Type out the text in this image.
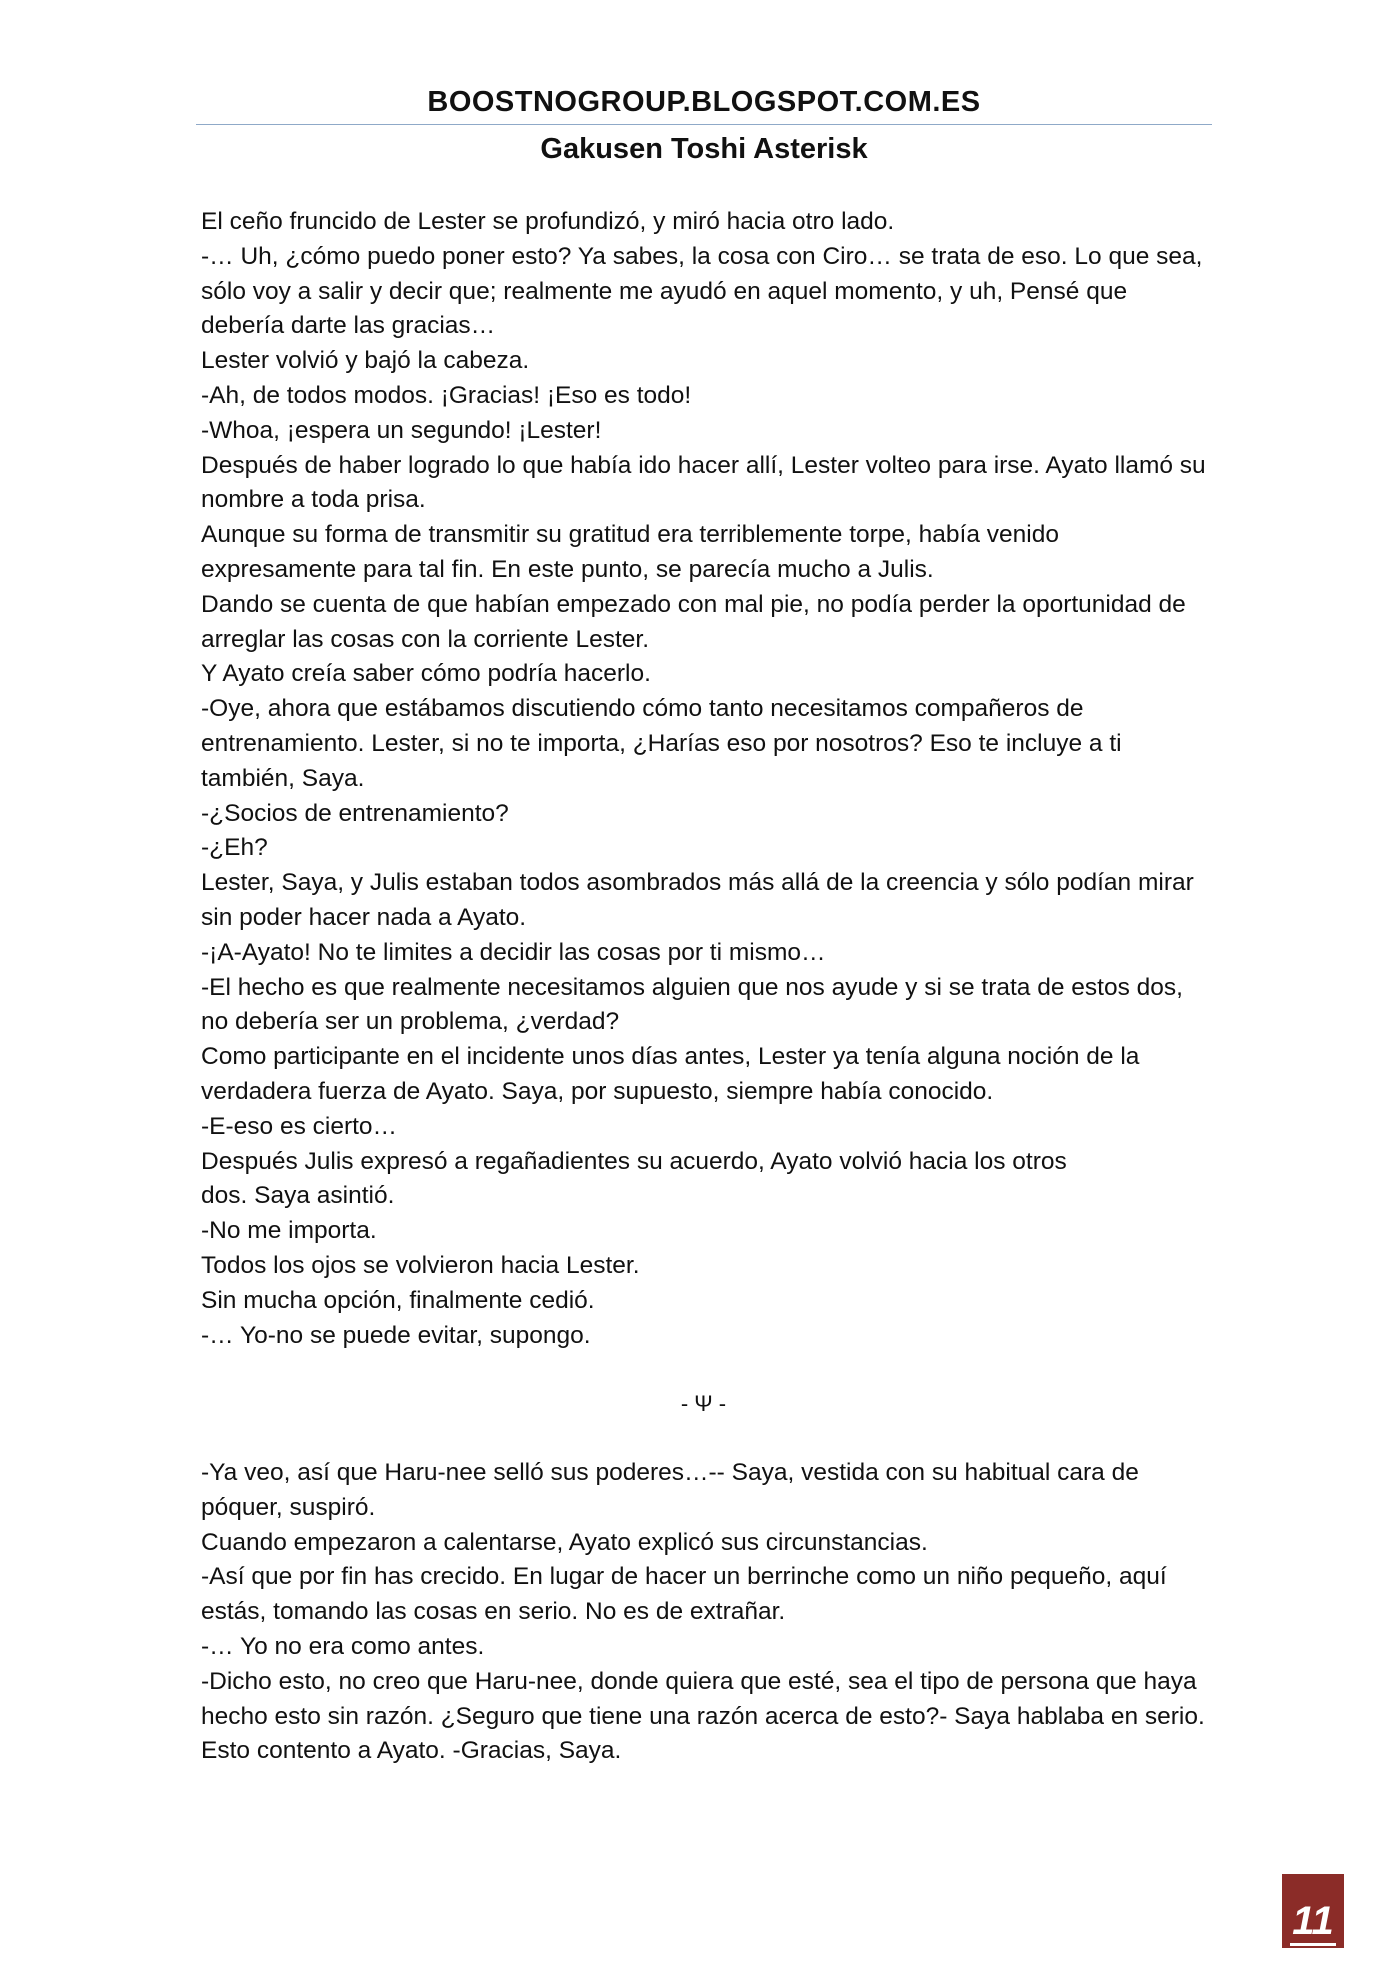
BOOSTNOGROUP.BLOGSPOT.COM.ES
Gakusen Toshi Asterisk

El ceño fruncido de Lester se profundizó, y miró hacia otro lado.

-… Uh, ¿cómo puedo poner esto? Ya sabes, la cosa con Ciro… se trata de eso. Lo que sea, sólo voy a salir y decir que; realmente me ayudó en aquel momento, y uh, Pensé que debería darte las gracias…

Lester volvió y bajó la cabeza.

-Ah, de todos modos. ¡Gracias! ¡Eso es todo!

-Whoa, ¡espera un segundo! ¡Lester!

Después de haber logrado lo que había ido hacer allí, Lester volteo para irse. Ayato llamó su nombre a toda prisa.

Aunque su forma de transmitir su gratitud era terriblemente torpe, había venido expresamente para tal fin. En este punto, se parecía mucho a Julis.

Dando se cuenta de que habían empezado con mal pie, no podía perder la oportunidad de arreglar las cosas con la corriente Lester.

Y Ayato creía saber cómo podría hacerlo.

-Oye, ahora que estábamos discutiendo cómo tanto necesitamos compañeros de entrenamiento. Lester, si no te importa, ¿Harías eso por nosotros? Eso te incluye a ti también, Saya.

-¿Socios de entrenamiento?

-¿Eh?

Lester, Saya, y Julis estaban todos asombrados más allá de la creencia y sólo podían mirar sin poder hacer nada a Ayato.

-¡A-Ayato! No te limites a decidir las cosas por ti mismo…

-El hecho es que realmente necesitamos alguien que nos ayude y si se trata de estos dos, no debería ser un problema, ¿verdad?

Como participante en el incidente unos días antes, Lester ya tenía alguna noción de la verdadera fuerza de Ayato. Saya, por supuesto, siempre había conocido.

-E-eso es cierto…

Después Julis expresó a regañadientes su acuerdo, Ayato volvió hacia los otros

dos. Saya asintió.

-No me importa.

Todos los ojos se volvieron hacia Lester.

Sin mucha opción, finalmente cedió.

-… Yo-no se puede evitar, supongo.

- Ψ -

-Ya veo, así que Haru-nee selló sus poderes…-- Saya, vestida con su habitual cara de póquer, suspiró.

Cuando empezaron a calentarse, Ayato explicó sus circunstancias.

-Así que por fin has crecido. En lugar de hacer un berrinche como un niño pequeño, aquí estás, tomando las cosas en serio. No es de extrañar.

-… Yo no era como antes.

-Dicho esto, no creo que Haru-nee, donde quiera que esté, sea el tipo de persona que haya hecho esto sin razón. ¿Seguro que tiene una razón acerca de esto?- Saya hablaba en serio.

Esto contento a Ayato. -Gracias, Saya.

11
